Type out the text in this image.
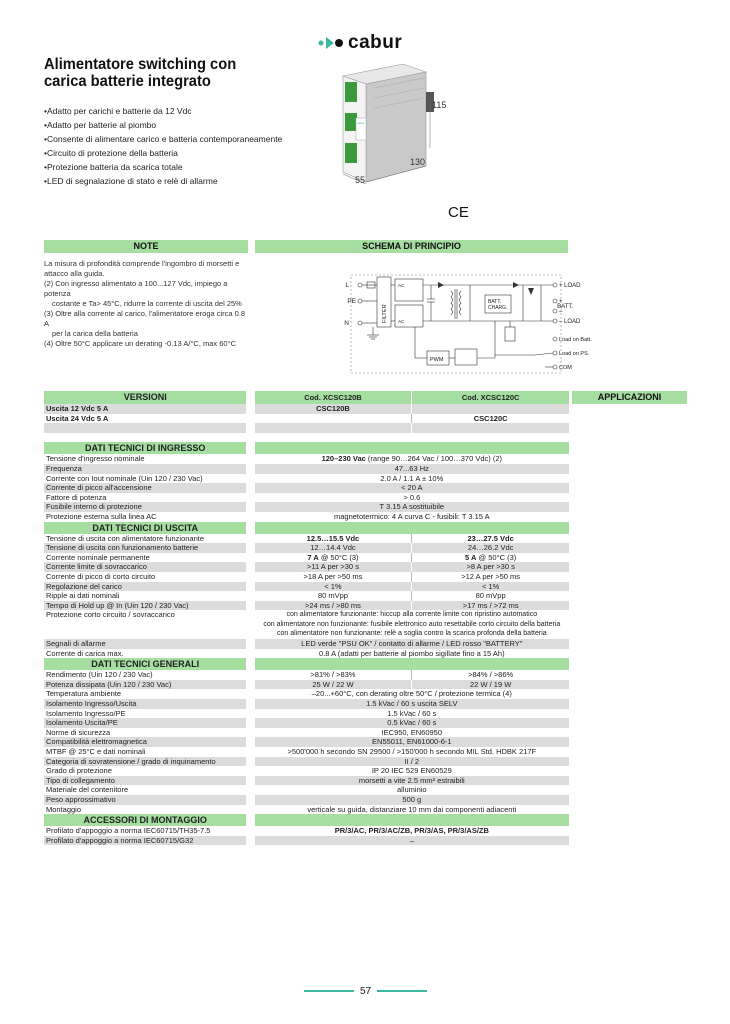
cabur
Alimentatore switching con
carica batterie integrato
• Adatto per carichi e batterie da 12 Vdc
• Adatto per batterie al piombo
• Consente di alimentare carico e batteria contemporaneamente
• Circuito di protezione della batteria
• Protezione batteria da scarica totale
• LED di segnalazione di stato e relè di allarme
cabur
115
130
55
CE
NOTE	SCHEMA DI PRINCIPIO

La misura di profondità comprende l'ingombro di morsetti e attacco alla guida.

(2) Con ingresso alimentato a 100...127 Vdc, impiego a potenza

costante e Ta> 45°C, ridurre la corrente di uscita del 25%

(3) Oltre alla corrente al carico, l'alimentatore eroga circa 0.8 A

per la carica della batteria

(4) Oltre 50°C applicare un derating -0.13 A/°C, max 60°C

L
PE
N
FILTER
AC
AC
BATT.
CHARG.
PWM
+ LOAD
+
BATT.
–
– LOAD
Load on Batt.
Load on PS.
COM
VERSIONI		Cod. XCSC120B	Cod. XCSC120C
Uscita 12 Vdc 5 A		CSC120B	
Uscita 24 Vdc 5 A			CSC120C

DATI TECNICI DI INGRESSO			
Tensione d'ingresso nominale		120–230 Vac (range 90…264 Vac / 100…370 Vdc) (2)	
Frequenza		47...63 Hz	
Corrente con Iout nominale (Uin 120 / 230 Vac)		2.0 A / 1.1 A ± 10%	
Corrente di picco all'accensione		< 20 A	
Fattore di potenza		> 0.6	
Fusibile interno di protezione		T 3.15 A sostituibile	
Protezione esterna sulla linea AC		magnetotermico: 4 A curva C - fusibili: T 3.15 A	
DATI TECNICI DI USCITA			
Tensione di uscita con alimentatore funzionante		12.5…15.5 Vdc	23…27.5 Vdc
Tensione di uscita con funzionamento batterie		12…14.4 Vdc	24…26.2 Vdc
Corrente nominale permanente		7 A @ 50°C (3)	5 A @ 50°C (3)
Corrente limite di sovraccarico		>11 A per >30 s	>8 A per >30 s
Corrente di picco di corto circuito		>18 A per >50 ms	>12 A per >50 ms
Regolazione del carico		< 1%	< 1%
Ripple ai dati nominali		80 mVpp	80 mVpp
Tempo di Hold up @ In (Uin 120 / 230 Vac)		>24 ms / >80 ms	>17 ms / >72 ms
Protezione corto circuito / sovraccarico		con alimentatore funzionante: hiccup alla corrente limite con ripristino automatico
con alimentatore non funzionante: fusibile elettronico auto resettabile corto circuito della batteria
con alimentatore non funzionante: relè a soglia contro la scarica profonda della batteria	

Segnali di allarme		LED verde "PSU OK" / contatto di allarme / LED rosso "BATTERY"	
Corrente di carica max.		0.8 A (adatti per batterie al piombo sigillate fino a 15 Ah)	
DATI TECNICI GENERALI			
Rendimento (Uin 120 / 230 Vac)		>81% / >83%	>84% / >86%
Potenza dissipata (Uin 120 / 230 Vac)		25 W / 22 W	22 W / 19 W
Temperatura ambiente		–20...+60°C, con derating oltre 50°C / protezione termica (4)	
Isolamento Ingresso/Uscita		1.5 kVac / 60 s uscita SELV	
Isolamento Ingresso/PE		1.5 kVac / 60 s	
Isolamento Uscita/PE		0.5 kVac / 60 s	
Norme di sicurezza		IEC950, EN60950	
Compatibilità elettromagnetica		EN55011, EN61000-6-1	
MTBF @ 25°C e dati nominali		>500'000 h secondo SN 29500 / >150'000 h secondo MIL Std. HDBK 217F	
Categoria di sovratensione / grado di inquinamento		II / 2	
Grado di protezione		IP 20 IEC 529 EN60529	
Tipo di collegamento		morsetti a vite 2.5 mm² estraibili	
Materiale del contenitore		alluminio	
Peso approssimativo		500 g	
Montaggio		verticale su guida, distanziare 10 mm dai componenti adiacenti	
ACCESSORI DI MONTAGGIO			
Profilato d'appoggio a norma IEC60715/TH35-7.5		PR/3/AC, PR/3/AC/ZB, PR/3/AS, PR/3/AS/ZB	
Profilato d'appoggio a norma IEC60715/G32		–	
APPLICAZIONI
57
